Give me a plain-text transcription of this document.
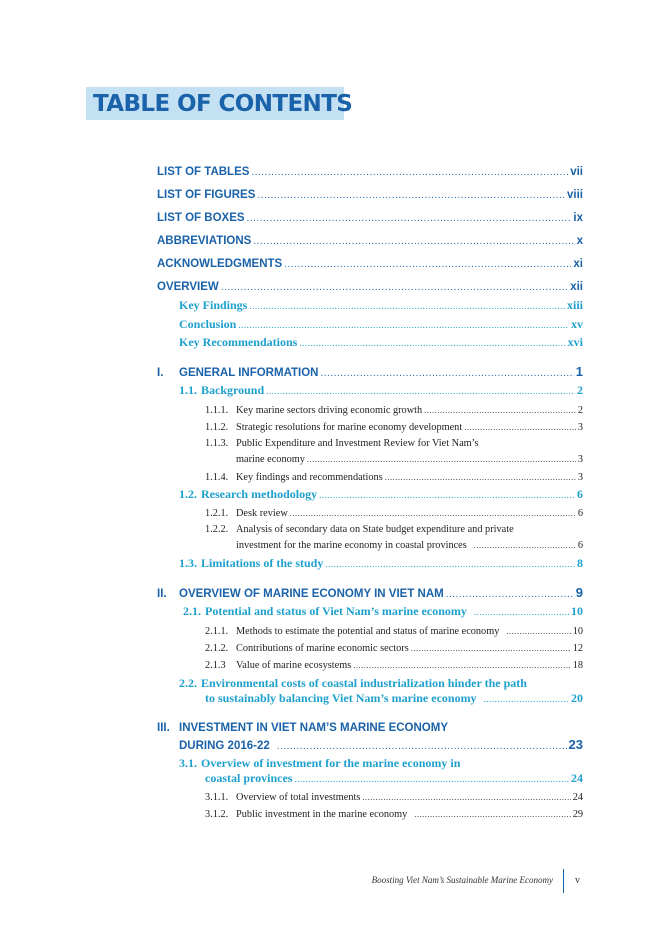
TABLE OF CONTENTS
LIST OF TABLES .....	vii
LIST OF FIGURES .....	viii
LIST OF BOXES .....	ix
ABBREVIATIONS .....	x
ACKNOWLEDGMENTS .....	xi
OVERVIEW .....	xii
Key Findings .....	xiii
Conclusion .....	xv
Key Recommendations .....	xvi
I.	GENERAL INFORMATION .....	1
1.1. Background .....	2
1.1.1. Key marine sectors driving economic growth .....	2
1.1.2. Strategic resolutions for marine economy development .....	3
1.1.3. Public Expenditure and Investment Review for Viet Nam’s
marine economy .....	3
1.1.4. Key findings and recommendations .....	3
1.2. Research methodology .....	6
1.2.1. Desk review .....	6
1.2.2. Analysis of secondary data on State budget expenditure and private
investment for the marine economy in coastal provinces .....	6
1.3. Limitations of the study .....	8
II.	OVERVIEW OF MARINE ECONOMY IN VIET NAM .....	9
2.1. Potential and status of Viet Nam’s marine economy .....	10
2.1.1. Methods to estimate the potential and status of marine economy .....	10
2.1.2. Contributions of marine economic sectors .....	12
2.1.3	Value of marine ecosystems .....	18
2.2. Environmental costs of coastal industrialization hinder the path
to sustainably balancing Viet Nam’s marine economy .....	20
III. INVESTMENT IN VIET NAM’S MARINE ECONOMY
DURING 2016-22 .....	23
3.1. Overview of investment for the marine economy in
coastal provinces .....	24
3.1.1. Overview of total investments .....	24
3.1.2. Public investment in the marine economy .....	29
Boosting Viet Nam’s Sustainable Marine Economy v
